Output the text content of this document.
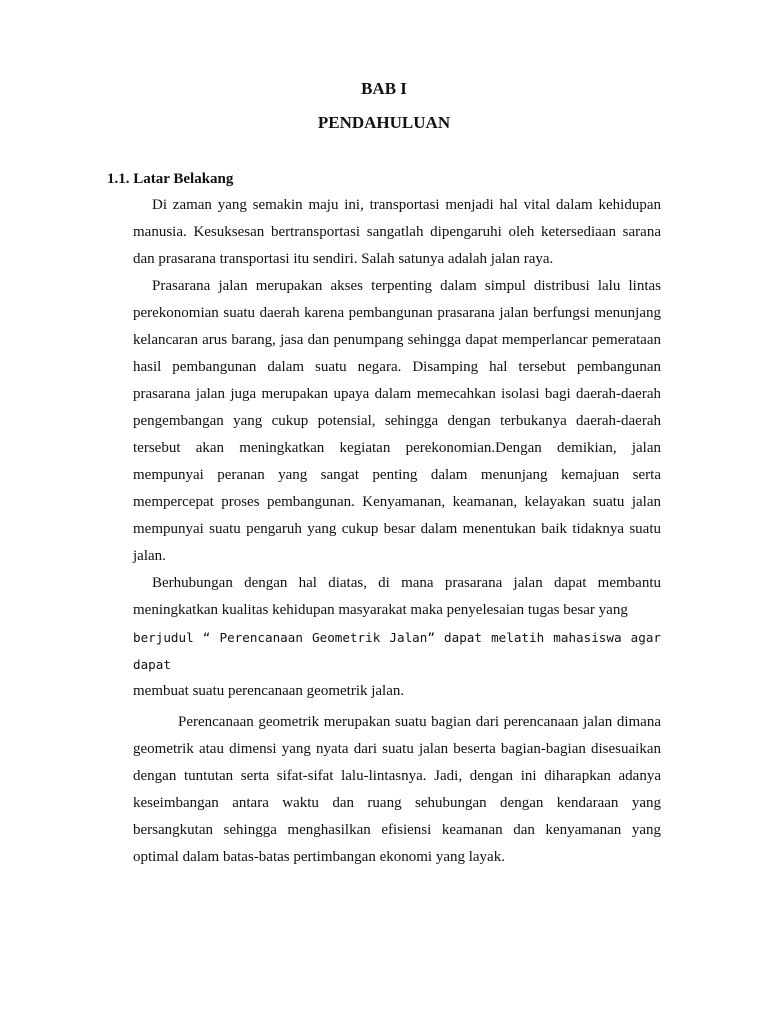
BAB I
PENDAHULUAN
1.1. Latar Belakang

Di zaman yang semakin maju ini, transportasi menjadi hal vital dalam kehidupan manusia. Kesuksesan bertransportasi sangatlah dipengaruhi oleh ketersediaan sarana dan prasarana transportasi itu sendiri. Salah satunya adalah jalan raya.

Prasarana jalan merupakan akses terpenting dalam simpul distribusi lalu lintas perekonomian suatu daerah karena pembangunan prasarana jalan berfungsi menunjang kelancaran arus barang, jasa dan penumpang sehingga dapat memperlancar pemerataan hasil pembangunan dalam suatu negara. Disamping hal tersebut pembangunan prasarana jalan juga merupakan upaya dalam memecahkan isolasi bagi daerah-daerah pengembangan yang cukup potensial, sehingga dengan terbukanya daerah-daerah tersebut akan meningkatkan kegiatan perekonomian.Dengan demikian, jalan mempunyai peranan yang sangat penting dalam menunjang kemajuan serta mempercepat proses pembangunan. Kenyamanan, keamanan, kelayakan suatu jalan mempunyai suatu pengaruh yang cukup besar dalam menentukan baik tidaknya suatu jalan.

Berhubungan dengan hal diatas, di mana prasarana jalan dapat membantu meningkatkan kualitas kehidupan masyarakat maka penyelesaian tugas besar yang

berjudul “ Perencanaan Geometrik Jalan” dapat melatih mahasiswa agar dapat

membuat suatu perencanaan geometrik jalan.

Perencanaan geometrik merupakan suatu bagian dari perencanaan jalan dimana geometrik atau dimensi yang nyata dari suatu jalan beserta bagian-bagian disesuaikan dengan tuntutan serta sifat-sifat lalu-lintasnya. Jadi, dengan ini diharapkan adanya keseimbangan antara waktu dan ruang sehubungan dengan kendaraan yang bersangkutan sehingga menghasilkan efisiensi keamanan dan kenyamanan yang optimal dalam batas-batas pertimbangan ekonomi yang layak.
